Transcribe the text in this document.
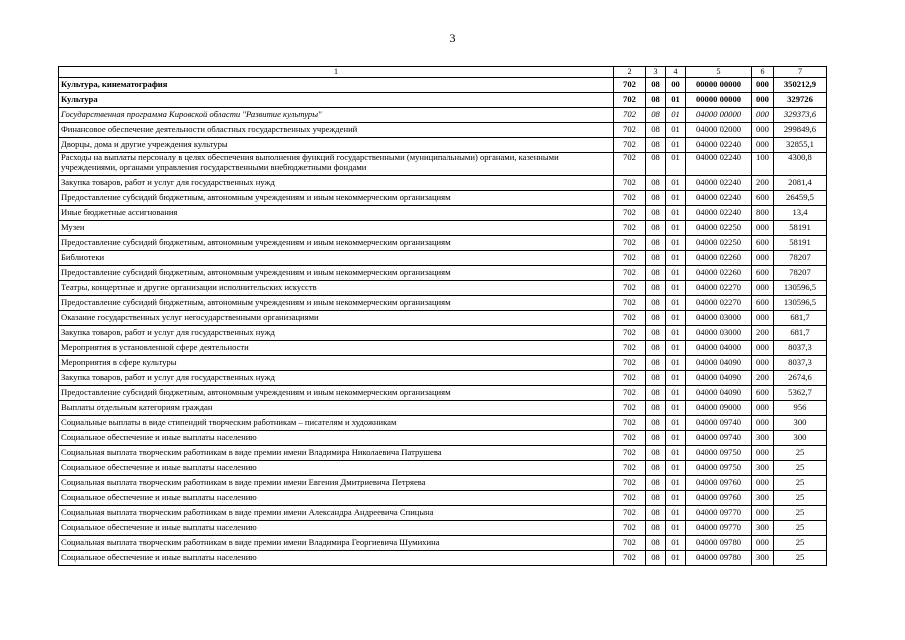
3
1	2	3	4	5	6	7
Культура, кинематография	702	08	00	00000 00000	000	350212,9
Культура	702	08	01	00000 00000	000	329726
Государственная программа Кировской области "Развитие культуры"	702	08	01	04000 00000	000	329373,6
Финансовое обеспечение деятельности областных государственных учреждений	702	08	01	04000 02000	000	299849,6
Дворцы, дома и другие учреждения культуры	702	08	01	04000 02240	000	32855,1
Расходы на выплаты персоналу в целях обеспечения выполнения функций государственными (муниципальными) органами, казенными учреждениями, органами управления государственными внебюджетными фондами	702	08	01	04000 02240	100	4300,8
Закупка товаров, работ и услуг для государственных нужд	702	08	01	04000 02240	200	2081,4
Предоставление субсидий бюджетным, автономным учреждениям и иным некоммерческим организациям	702	08	01	04000 02240	600	26459,5
Иные бюджетные ассигнования	702	08	01	04000 02240	800	13,4
Музеи	702	08	01	04000 02250	000	58191
Предоставление субсидий бюджетным, автономным учреждениям и иным некоммерческим организациям	702	08	01	04000 02250	600	58191
Библиотеки	702	08	01	04000 02260	000	78207
Предоставление субсидий бюджетным, автономным учреждениям и иным некоммерческим организациям	702	08	01	04000 02260	600	78207
Театры, концертные и другие организации исполнительских искусств	702	08	01	04000 02270	000	130596,5
Предоставление субсидий бюджетным, автономным учреждениям и иным некоммерческим организациям	702	08	01	04000 02270	600	130596,5
Оказание государственных услуг негосударственными организациями	702	08	01	04000 03000	000	681,7
Закупка товаров, работ и услуг для государственных нужд	702	08	01	04000 03000	200	681,7
Мероприятия в установленной сфере деятельности	702	08	01	04000 04000	000	8037,3
Мероприятия в сфере культуры	702	08	01	04000 04090	000	8037,3
Закупка товаров, работ и услуг для государственных нужд	702	08	01	04000 04090	200	2674,6
Предоставление субсидий бюджетным, автономным учреждениям и иным некоммерческим организациям	702	08	01	04000 04090	600	5362,7
Выплаты отдельным категориям граждан	702	08	01	04000 09000	000	956
Социальные выплаты в виде стипендий творческим работникам – писателям и художникам	702	08	01	04000 09740	000	300
Социальное обеспечение и иные выплаты населению	702	08	01	04000 09740	300	300
Социальная выплата творческим работникам в виде премии имени Владимира Николаевича Патрушева	702	08	01	04000 09750	000	25
Социальное обеспечение и иные выплаты населению	702	08	01	04000 09750	300	25
Социальная выплата творческим работникам в виде премии имени Евгения Дмитриевича Петряева	702	08	01	04000 09760	000	25
Социальное обеспечение и иные выплаты населению	702	08	01	04000 09760	300	25
Социальная выплата творческим работникам в виде премии имени Александра Андреевича Спицына	702	08	01	04000 09770	000	25
Социальное обеспечение и иные выплаты населению	702	08	01	04000 09770	300	25
Социальная выплата творческим работникам в виде премии имени Владимира Георгиевича Шумихина	702	08	01	04000 09780	000	25
Социальное обеспечение и иные выплаты населению	702	08	01	04000 09780	300	25
